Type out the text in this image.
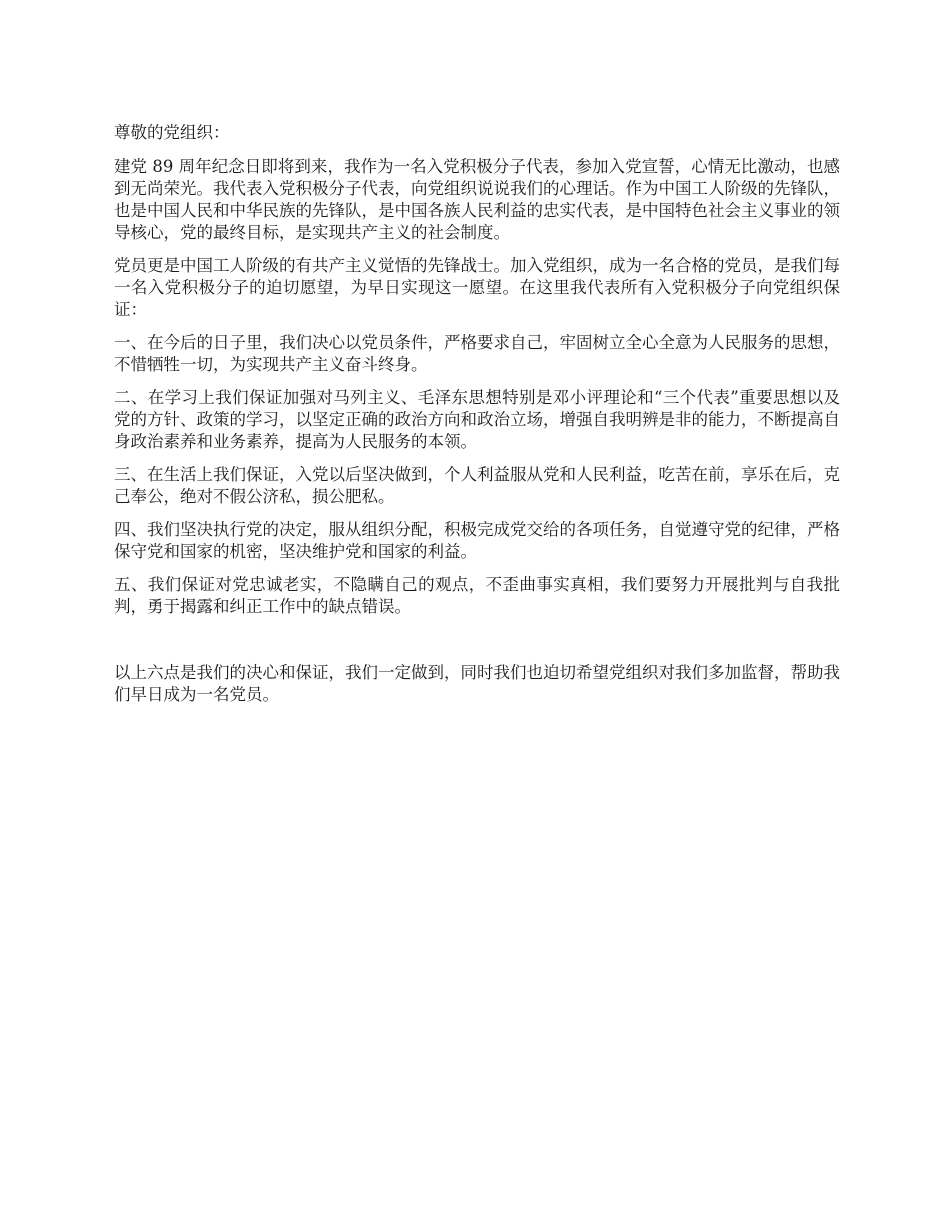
尊敬的党组织：

建党 89 周年纪念日即将到来，我作为一名入党积极分子代表，参加入党宣誓，心情无比激动，也感到无尚荣光。我代表入党积极分子代表，向党组织说说我们的心理话。作为中国工人阶级的先锋队，也是中国人民和中华民族的先锋队，是中国各族人民利益的忠实代表，是中国特色社会主义事业的领导核心，党的最终目标，是实现共产主义的社会制度。

党员更是中国工人阶级的有共产主义觉悟的先锋战士。加入党组织，成为一名合格的党员，是我们每一名入党积极分子的迫切愿望，为早日实现这一愿望。在这里我代表所有入党积极分子向党组织保证：

一、在今后的日子里，我们决心以党员条件，严格要求自己，牢固树立全心全意为人民服务的思想，不惜牺牲一切，为实现共产主义奋斗终身。

二、在学习上我们保证加强对马列主义、毛泽东思想特别是邓小评理论和“三个代表”重要思想以及党的方针、政策的学习，以坚定正确的政治方向和政治立场，增强自我明辨是非的能力，不断提高自身政治素养和业务素养，提高为人民服务的本领。

三、在生活上我们保证，入党以后坚决做到，个人利益服从党和人民利益，吃苦在前，享乐在后，克己奉公，绝对不假公济私，损公肥私。

四、我们坚决执行党的决定，服从组织分配，积极完成党交给的各项任务，自觉遵守党的纪律，严格保守党和国家的机密，坚决维护党和国家的利益。

五、我们保证对党忠诚老实，不隐瞒自己的观点，不歪曲事实真相，我们要努力开展批判与自我批判，勇于揭露和纠正工作中的缺点错误。

以上六点是我们的决心和保证，我们一定做到，同时我们也迫切希望党组织对我们多加监督，帮助我们早日成为一名党员。
